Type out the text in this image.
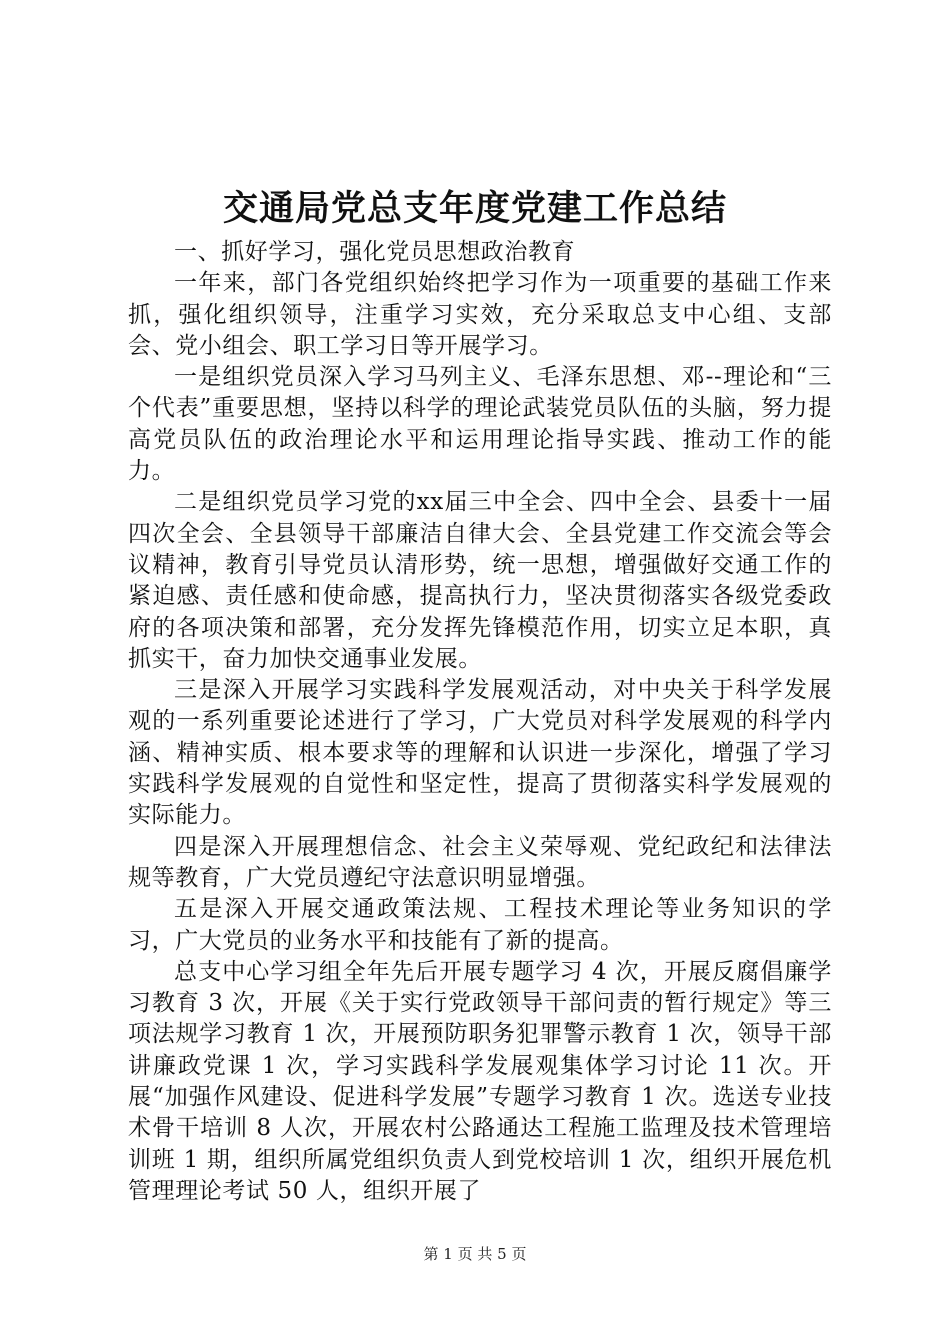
交通局党总支年度党建工作总结

一、抓好学习，强化党员思想政治教育

一年来，部门各党组织始终把学习作为一项重要的基础工作来抓，强化组织领导，注重学习实效，充分采取总支中心组、支部会、党小组会、职工学习日等开展学习。

一是组织党员深入学习马列主义、毛泽东思想、邓--理论和“三个代表”重要思想，坚持以科学的理论武装党员队伍的头脑，努力提高党员队伍的政治理论水平和运用理论指导实践、推动工作的能力。

二是组织党员学习党的xx届三中全会、四中全会、县委十一届四次全会、全县领导干部廉洁自律大会、全县党建工作交流会等会议精神，教育引导党员认清形势，统一思想，增强做好交通工作的紧迫感、责任感和使命感，提高执行力，坚决贯彻落实各级党委政府的各项决策和部署，充分发挥先锋模范作用，切实立足本职，真抓实干，奋力加快交通事业发展。

三是深入开展学习实践科学发展观活动，对中央关于科学发展观的一系列重要论述进行了学习，广大党员对科学发展观的科学内涵、精神实质、根本要求等的理解和认识进一步深化，增强了学习实践科学发展观的自觉性和坚定性，提高了贯彻落实科学发展观的实际能力。

四是深入开展理想信念、社会主义荣辱观、党纪政纪和法律法规等教育，广大党员遵纪守法意识明显增强。

五是深入开展交通政策法规、工程技术理论等业务知识的学习，广大党员的业务水平和技能有了新的提高。

总支中心学习组全年先后开展专题学习 4 次，开展反腐倡廉学习教育 3 次，开展《关于实行党政领导干部问责的暂行规定》等三项法规学习教育 1 次，开展预防职务犯罪警示教育 1 次，领导干部讲廉政党课 1 次，学习实践科学发展观集体学习讨论 11 次。开展“加强作风建设、促进科学发展”专题学习教育 1 次。选送专业技术骨干培训 8 人次，开展农村公路通达工程施工监理及技术管理培训班 1 期，组织所属党组织负责人到党校培训 1 次，组织开展危机管理理论考试 50 人，组织开展了

第 1 页 共 5 页
